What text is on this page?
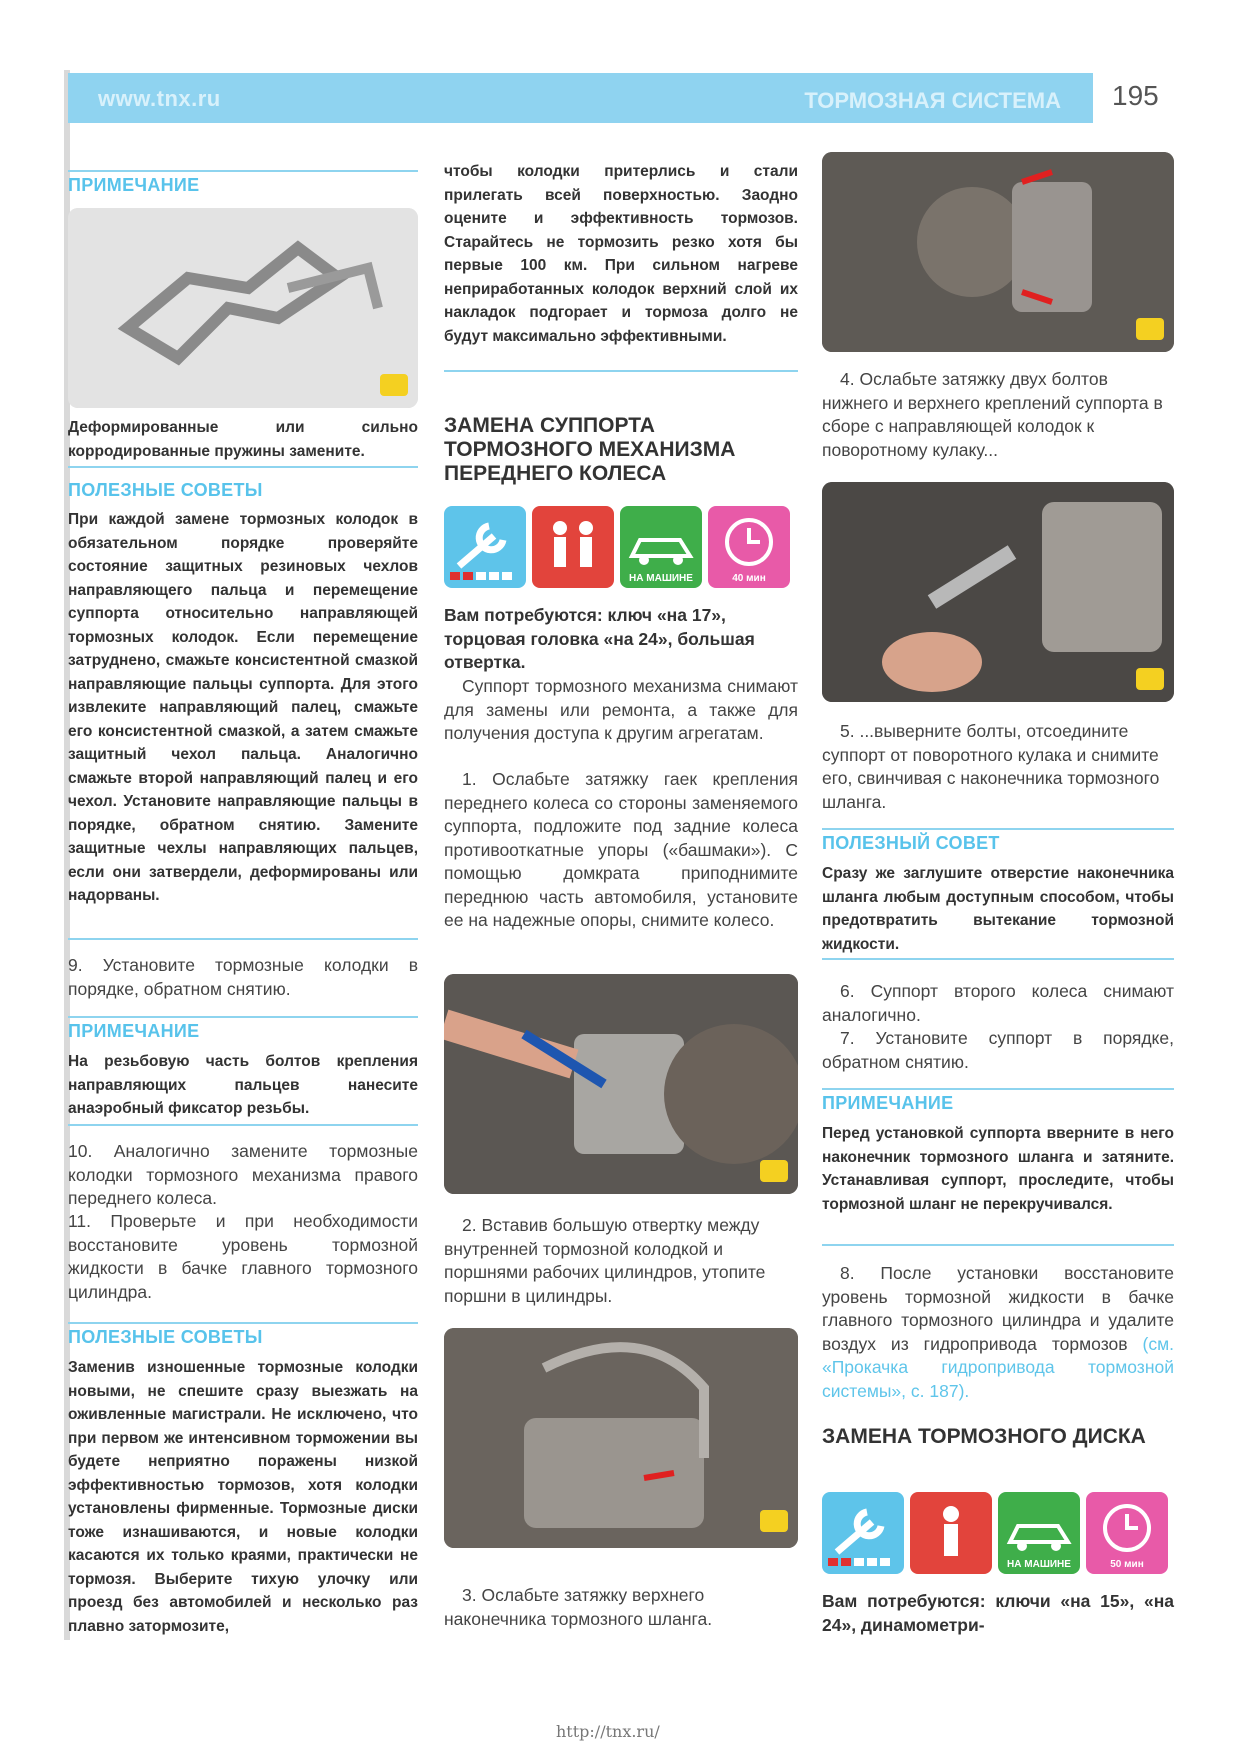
www.tnx.ru	ТОРМОЗНАЯ СИСТЕМА 195
ПРИМЕЧАНИЕ
Деформированные или сильно корродированные пружины замените.
ПОЛЕЗНЫЕ СОВЕТЫ
При каждой замене тормозных колодок в обязательном порядке проверяйте состояние защитных резиновых чехлов направляющего пальца и перемещение суппорта относительно направляющей тормозных колодок. Если перемещение затруднено, смажьте консистентной смазкой направляющие пальцы суппорта. Для этого извлеките направляющий палец, смажьте его консистентной смазкой, а затем смажьте защитный чехол пальца. Аналогично смажьте второй направляющий палец и его чехол. Установите направляющие пальцы в порядке, обратном снятию. Замените защитные чехлы направляющих пальцев, если они затвердели, деформированы или надорваны.
9. Установите тормозные колодки в порядке, обратном снятию.
ПРИМЕЧАНИЕ
На резьбовую часть болтов крепления направляющих пальцев нанесите анаэробный фиксатор резьбы.
10. Аналогично замените тормозные колодки тормозного механизма правого переднего колеса.
11. Проверьте и при необходимости восстановите уровень тормозной жидкости в бачке главного тормозного цилиндра.
ПОЛЕЗНЫЕ СОВЕТЫ
Заменив изношенные тормозные колодки новыми, не спешите сразу выезжать на оживленные магистрали. Не исключено, что при первом же интенсивном торможении вы будете неприятно поражены низкой эффективностью тормозов, хотя колодки установлены фирменные. Тормозные диски тоже изнашиваются, и новые колодки касаются их только краями, практически не тормозя. Выберите тихую улочку или проезд без автомобилей и несколько раз плавно затормозите,
чтобы колодки притерлись и стали прилегать всей поверхностью. Заодно оцените и эффективность тормозов. Старайтесь не тормозить резко хотя бы первые 100 км. При сильном нагреве неприработанных колодок верхний слой их накладок подгорает и тормоза долго не будут максимально эффективными.
ЗАМЕНА СУППОРТА ТОРМОЗНОГО МЕХАНИЗМА ПЕРЕДНЕГО КОЛЕСА
НА МАШИНЕ	40 мин
Вам потребуются: ключ «на 17», торцовая головка «на 24», большая отвертка.
Суппорт тормозного механизма снимают для замены или ремонта, а также для получения доступа к другим агрегатам.
1. Ослабьте затяжку гаек крепления переднего колеса со стороны заменяемого суппорта, подложите под задние колеса противооткатные упоры («башмаки»). С помощью домкрата приподнимите переднюю часть автомобиля, установите ее на надежные опоры, снимите колесо.
2. Вставив большую отвертку между внутренней тормозной колодкой и поршнями рабочих цилиндров, утопите поршни в цилиндры.
3. Ослабьте затяжку верхнего наконечника тормозного шланга.
4. Ослабьте затяжку двух болтов нижнего и верхнего креплений суппорта в сборе с направляющей колодок к поворотному кулаку...
5. ...выверните болты, отсоедините суппорт от поворотного кулака и снимите его, свинчивая с наконечника тормозного шланга.
ПОЛЕЗНЫЙ СОВЕТ
Сразу же заглушите отверстие наконечника шланга любым доступным способом, чтобы предотвратить вытекание тормозной жидкости.
6. Суппорт второго колеса снимают аналогично.
7. Установите суппорт в порядке, обратном снятию.
ПРИМЕЧАНИЕ
Перед установкой суппорта вверните в него наконечник тормозного шланга и затяните. Устанавливая суппорт, проследите, чтобы тормозной шланг не перекручивался.
8. После установки восстановите уровень тормозной жидкости в бачке главного тормозного цилиндра и удалите воздух из гидропривода тормозов (см. «Прокачка гидропривода тормозной системы», с. 187).
ЗАМЕНА ТОРМОЗНОГО ДИСКА
НА МАШИНЕ	50 мин
Вам потребуются: ключи «на 15», «на 24», динамометри-
http://tnx.ru/
